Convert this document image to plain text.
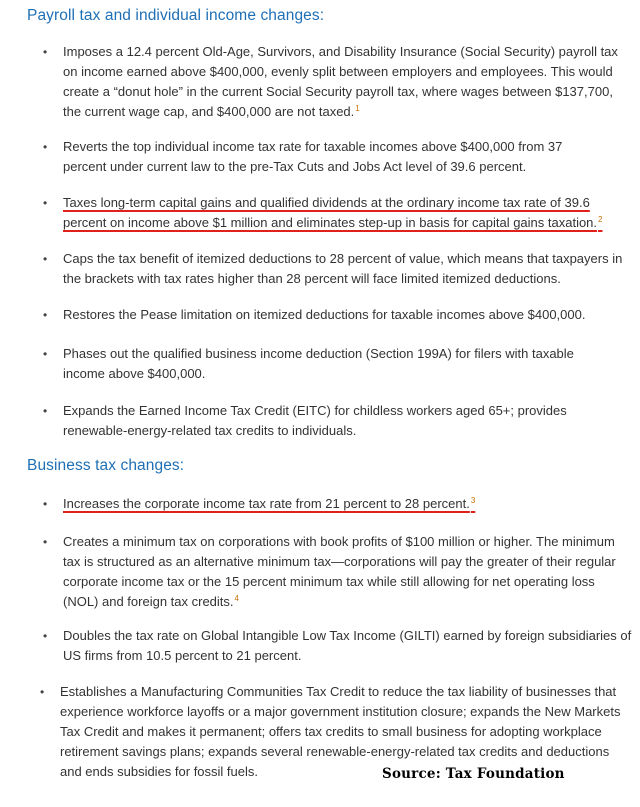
Payroll tax and individual income changes:
• Imposes a 12.4 percent Old-Age, Survivors, and Disability Insurance (Social Security) payroll tax on income earned above $400,000, evenly split between employers and employees. This would create a “donut hole” in the current Social Security payroll tax, where wages between $137,700, the current wage cap, and $400,000 are not taxed.$^1$

• Reverts the top individual income tax rate for taxable incomes above $400,000 from 37 percent under current law to the pre-Tax Cuts and Jobs Act level of 39.6 percent.

• Taxes long-term capital gains and qualified dividends at the ordinary income tax rate of 39.6 percent on income above $1 million and eliminates step-up in basis for capital gains taxation.$^2$

• Caps the tax benefit of itemized deductions to 28 percent of value, which means that taxpayers in the brackets with tax rates higher than 28 percent will face limited itemized deductions.

• Restores the Pease limitation on itemized deductions for taxable incomes above $400,000.

• Phases out the qualified business income deduction (Section 199A) for filers with taxable income above $400,000.

• Expands the Earned Income Tax Credit (EITC) for childless workers aged 65+; provides renewable-energy-related tax credits to individuals.

Business tax changes:
• Increases the corporate income tax rate from 21 percent to 28 percent.$^3$

• Creates a minimum tax on corporations with book profits of $100 million or higher. The minimum tax is structured as an alternative minimum tax—corporations will pay the greater of their regular corporate income tax or the 15 percent minimum tax while still allowing for net operating loss (NOL) and foreign tax credits.$^4$

• Doubles the tax rate on Global Intangible Low Tax Income (GILTI) earned by foreign subsidiaries of US firms from 10.5 percent to 21 percent.

• Establishes a Manufacturing Communities Tax Credit to reduce the tax liability of businesses that experience workforce layoffs or a major government institution closure; expands the New Markets Tax Credit and makes it permanent; offers tax credits to small business for adopting workplace retirement savings plans; expands several renewable-energy-related tax credits and deductions and ends subsidies for fossil fuels.	Source: Tax Foundation
